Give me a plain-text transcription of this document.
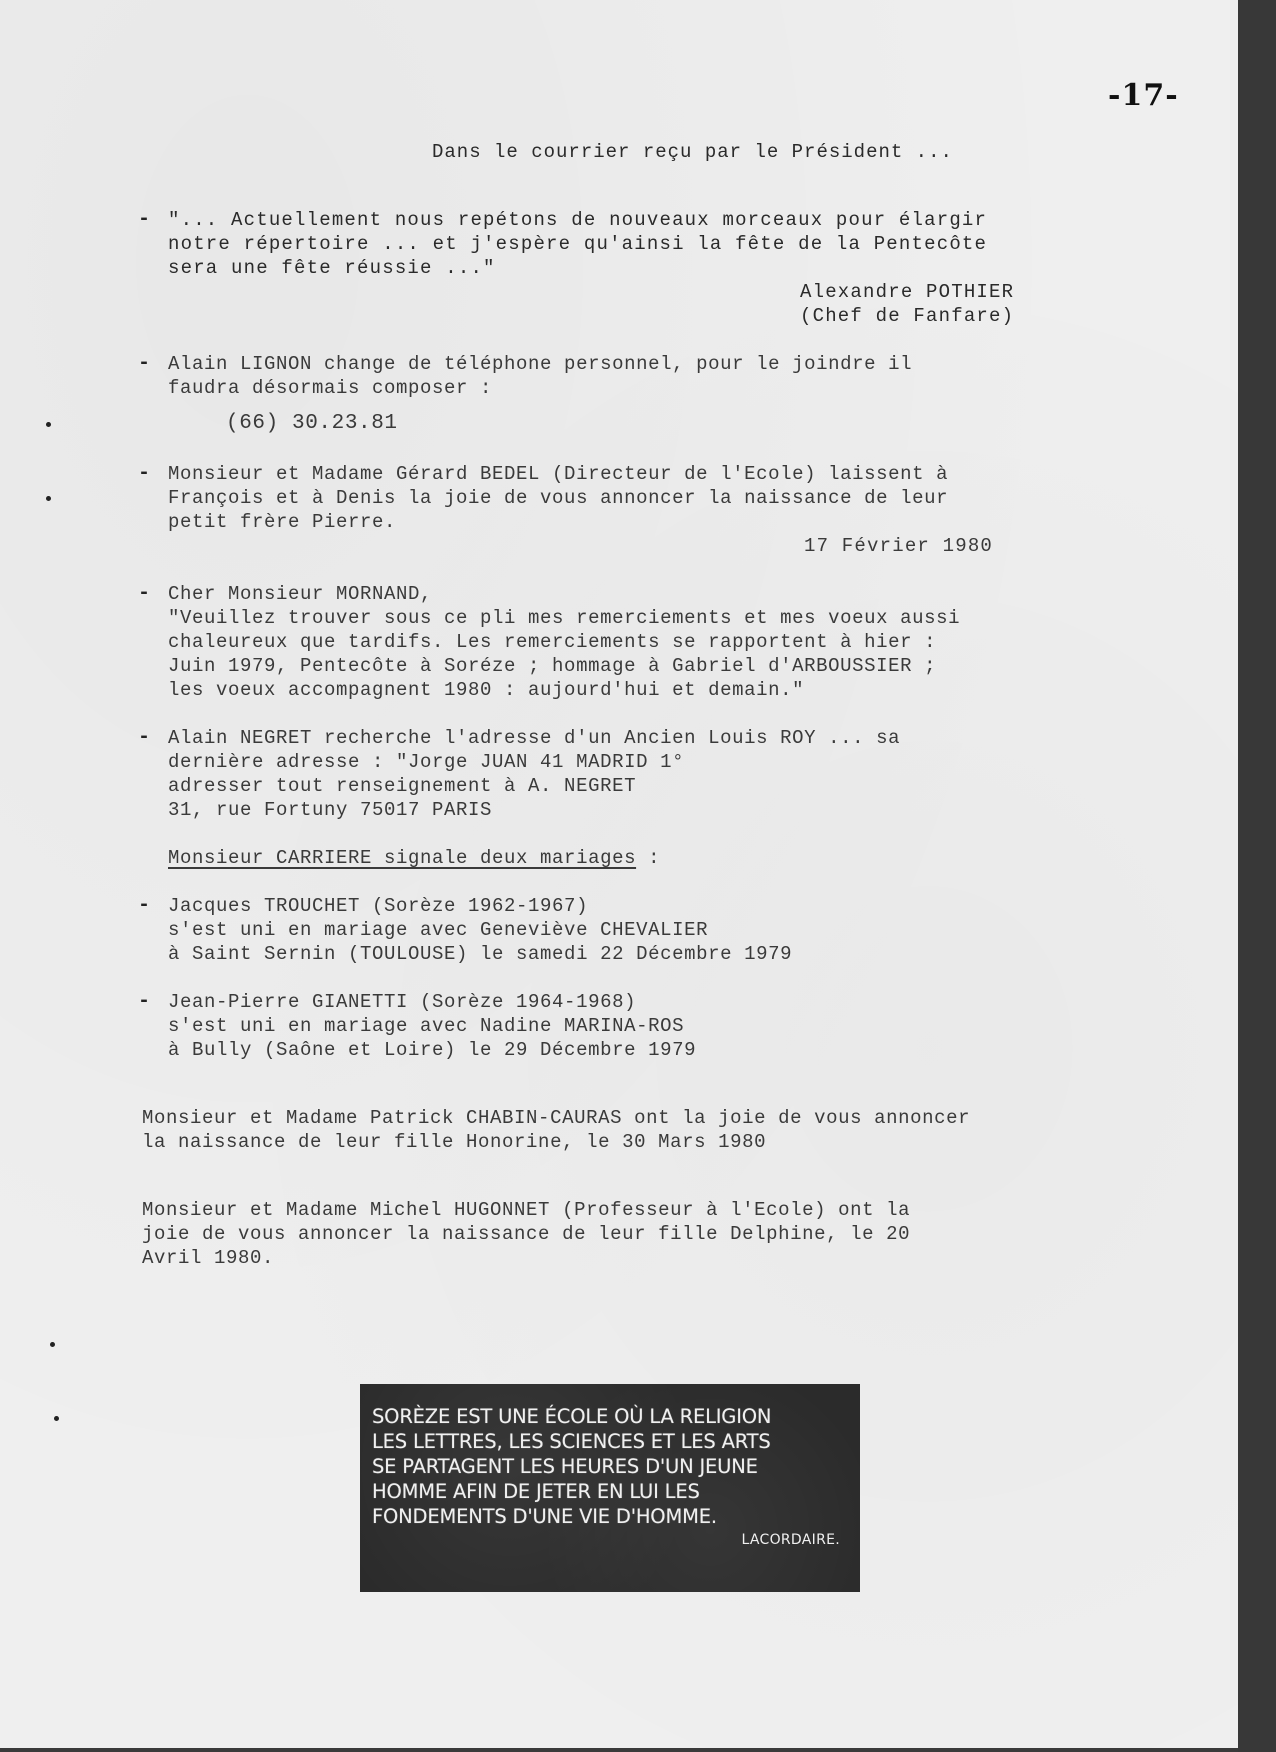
-17-
Dans le courrier reçu par le Président ...
- "... Actuellement nous repétons de nouveaux morceaux pour élargir
notre répertoire ... et j'espère qu'ainsi la fête de la Pentecôte
sera une fête réussie ..."
Alexandre POTHIER
(Chef de Fanfare)
- Alain LIGNON change de téléphone personnel, pour le joindre il
faudra désormais composer :
(66) 30.23.81
- Monsieur et Madame Gérard BEDEL (Directeur de l'Ecole) laissent à
François et à Denis la joie de vous annoncer la naissance de leur
petit frère Pierre.
17 Février 1980
- Cher Monsieur MORNAND,
"Veuillez trouver sous ce pli mes remerciements et mes voeux aussi
chaleureux que tardifs. Les remerciements se rapportent à hier :
Juin 1979, Pentecôte à Soréze ; hommage à Gabriel d'ARBOUSSIER ;
les voeux accompagnent 1980 : aujourd'hui et demain."
- Alain NEGRET recherche l'adresse d'un Ancien Louis ROY ... sa
dernière adresse : "Jorge JUAN 41 MADRID 1°
adresser tout renseignement à A. NEGRET
31, rue Fortuny 75017 PARIS
Monsieur CARRIERE signale deux mariages :
- Jacques TROUCHET (Sorèze 1962-1967)
s'est uni en mariage avec Geneviève CHEVALIER
à Saint Sernin (TOULOUSE) le samedi 22 Décembre 1979
- Jean-Pierre GIANETTI (Sorèze 1964-1968)
s'est uni en mariage avec Nadine MARINA-ROS
à Bully (Saône et Loire) le 29 Décembre 1979
Monsieur et Madame Patrick CHABIN-CAURAS ont la joie de vous annoncer
la naissance de leur fille Honorine, le 30 Mars 1980
Monsieur et Madame Michel HUGONNET (Professeur à l'Ecole) ont la
joie de vous annoncer la naissance de leur fille Delphine, le 20
Avril 1980.
SORÈZE EST UNE ÉCOLE OÙ LA RELIGION
LES LETTRES, LES SCIENCES ET LES ARTS
SE PARTAGENT LES HEURES D'UN JEUNE
HOMME AFIN DE JETER EN LUI LES
FONDEMENTS D'UNE VIE D'HOMME.
LACORDAIRE.
